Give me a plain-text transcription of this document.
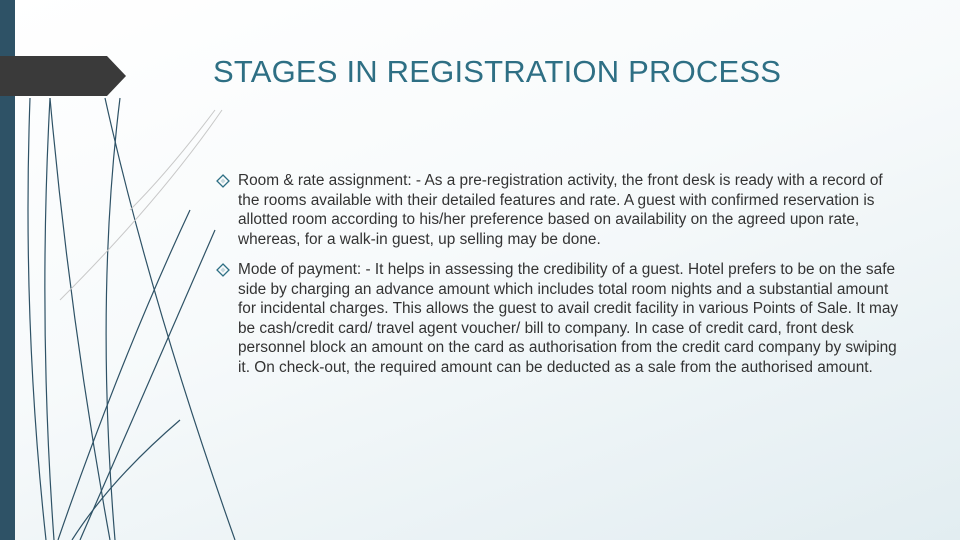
STAGES IN REGISTRATION PROCESS
Room & rate assignment: - As a pre-registration activity, the front desk is ready with a record of the rooms available with their detailed features and rate. A guest with confirmed reservation is allotted room according to his/her preference based on availability on the agreed upon rate, whereas, for a walk-in guest, up selling may be done.
Mode of payment: - It helps in assessing the credibility of a guest. Hotel prefers to be on the safe side by charging an advance amount which includes total room nights and a substantial amount for incidental charges. This allows the guest to avail credit facility in various Points of Sale. It may be cash/credit card/ travel agent voucher/ bill to company. In case of credit card, front desk personnel block an amount on the card as authorisation from the credit card company by swiping it. On check-out, the required amount can be deducted as a sale from the authorised amount.
